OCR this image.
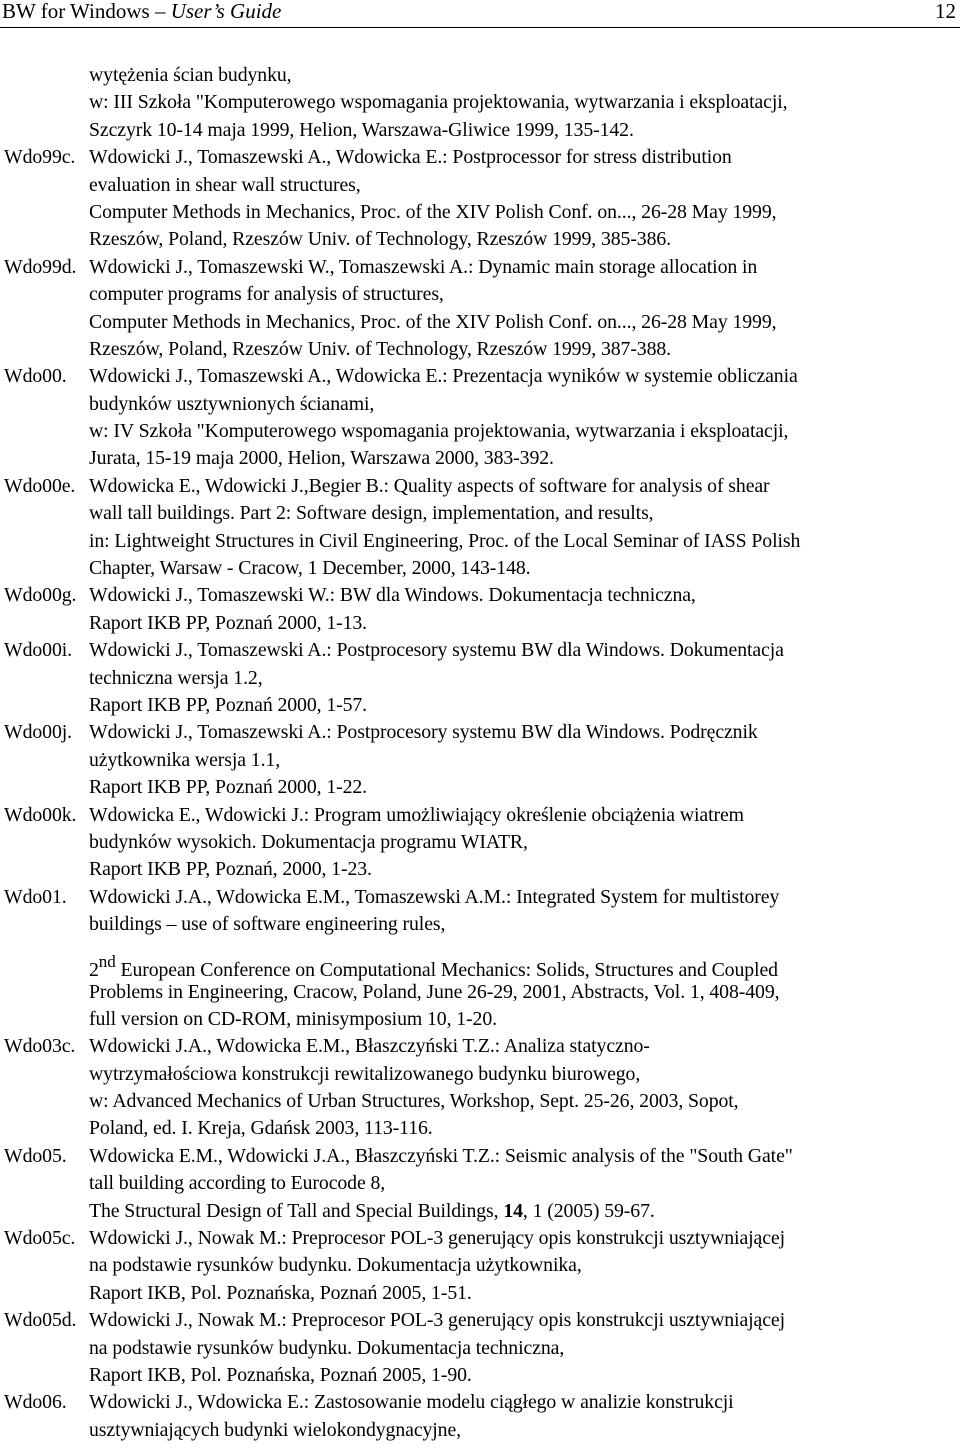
BW for Windows – User’s Guide	12
wytężenia ścian budynku,
w: III Szkoła "Komputerowego wspomagania projektowania, wytwarzania i eksploatacji,
Szczyrk 10-14 maja 1999, Helion, Warszawa-Gliwice 1999, 135-142.
Wdowicki J., Tomaszewski A., Wdowicka E.: Postprocessor for stress distribution
Wdo99c.
evaluation in shear wall structures,
Computer Methods in Mechanics, Proc. of the XIV Polish Conf. on..., 26-28 May 1999,
Rzeszów, Poland, Rzeszów Univ. of Technology, Rzeszów 1999, 385-386.
Wdowicki J., Tomaszewski W., Tomaszewski A.: Dynamic main storage allocation in
Wdo99d.
computer programs for analysis of structures,
Computer Methods in Mechanics, Proc. of the XIV Polish Conf. on..., 26-28 May 1999,
Rzeszów, Poland, Rzeszów Univ. of Technology, Rzeszów 1999, 387-388.
Wdowicki J., Tomaszewski A., Wdowicka E.: Prezentacja wyników w systemie obliczania
Wdo00.
budynków usztywnionych ścianami,
w: IV Szkoła "Komputerowego wspomagania projektowania, wytwarzania i eksploatacji,
Jurata, 15-19 maja 2000, Helion, Warszawa 2000, 383-392.
Wdowicka E., Wdowicki J.,Begier B.: Quality aspects of software for analysis of shear
Wdo00e.
wall tall buildings. Part 2: Software design, implementation, and results,
in: Lightweight Structures in Civil Engineering, Proc. of the Local Seminar of IASS Polish
Chapter, Warsaw - Cracow, 1 December, 2000, 143-148.
Wdowicki J., Tomaszewski W.: BW dla Windows. Dokumentacja techniczna,
Wdo00g.
Raport IKB PP, Poznań 2000, 1-13.
Wdowicki J., Tomaszewski A.: Postprocesory systemu BW dla Windows. Dokumentacja
Wdo00i.
techniczna wersja 1.2,
Raport IKB PP, Poznań 2000, 1-57.
Wdowicki J., Tomaszewski A.: Postprocesory systemu BW dla Windows. Podręcznik
Wdo00j.
użytkownika wersja 1.1,
Raport IKB PP, Poznań 2000, 1-22.
Wdowicka E., Wdowicki J.: Program umożliwiający określenie obciążenia wiatrem
Wdo00k.
budynków wysokich. Dokumentacja programu WIATR,
Raport IKB PP, Poznań, 2000, 1-23.
Wdowicki J.A., Wdowicka E.M., Tomaszewski A.M.: Integrated System for multistorey
Wdo01.
buildings – use of software engineering rules,
2nd European Conference on Computational Mechanics: Solids, Structures and Coupled
Problems in Engineering, Cracow, Poland, June 26-29, 2001, Abstracts, Vol. 1, 408-409,
full version on CD-ROM, minisymposium 10, 1-20.
Wdowicki J.A., Wdowicka E.M., Błaszczyński T.Z.: Analiza statyczno-
Wdo03c.
wytrzymałościowa konstrukcji rewitalizowanego budynku biurowego,
w: Advanced Mechanics of Urban Structures, Workshop, Sept. 25-26, 2003, Sopot,
Poland, ed. I. Kreja, Gdańsk 2003, 113-116.
Wdowicka E.M., Wdowicki J.A., Błaszczyński T.Z.: Seismic analysis of the "South Gate"
Wdo05.
tall building according to Eurocode 8,
The Structural Design of Tall and Special Buildings, 14, 1 (2005) 59-67.
Wdowicki J., Nowak M.: Preprocesor POL-3 generujący opis konstrukcji usztywniającej
Wdo05c.
na podstawie rysunków budynku. Dokumentacja użytkownika,
Raport IKB, Pol. Poznańska, Poznań 2005, 1-51.
Wdowicki J., Nowak M.: Preprocesor POL-3 generujący opis konstrukcji usztywniającej
Wdo05d.
na podstawie rysunków budynku. Dokumentacja techniczna,
Raport IKB, Pol. Poznańska, Poznań 2005, 1-90.
Wdowicki J., Wdowicka E.: Zastosowanie modelu ciągłego w analizie konstrukcji
Wdo06.
usztywniających budynki wielokondygnacyjne,
